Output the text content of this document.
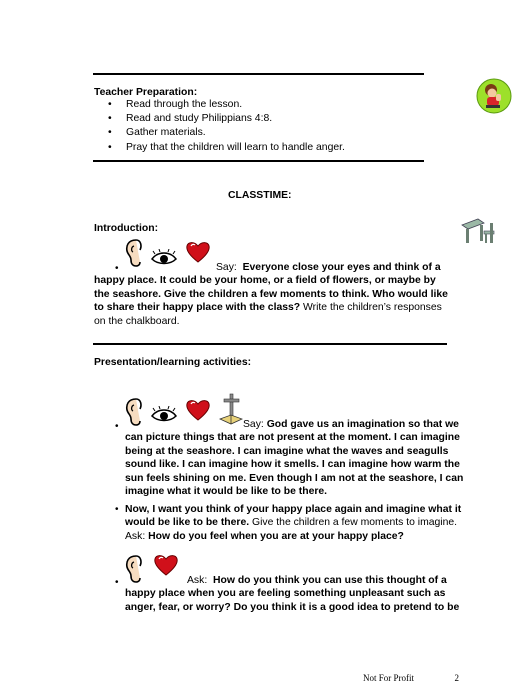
Teacher Preparation:
• Read through the lesson.
• Read and study Philippians 4:8.
• Gather materials.
• Pray that the children will learn to handle anger.
CLASSTIME:
Introduction:
•	Say: Everyone close your eyes and think of a happy place. It could be your home, or a field of flowers, or maybe by the seashore. Give the children a few moments to think. Who would like to share their happy place with the class? Write the children’s responses on the chalkboard.

Presentation/learning activities:
•	Say: God gave us an imagination so that we can picture things that are not present at the moment. I can imagine being at the seashore. I can imagine what the waves and seagulls sound like. I can imagine how it smells. I can imagine how warm the sun feels shining on me. Even though I am not at the seashore, I can imagine what it would be like to be there.

• Now, I want you think of your happy place again and imagine what it would be like to be there. Give the children a few moments to imagine. Ask: How do you feel when you are at your happy place?

•	Ask: How do you think you can use this thought of a happy place when you are feeling something unpleasant such as anger, fear, or worry? Do you think it is a good idea to pretend to be

Not For Profit	2
